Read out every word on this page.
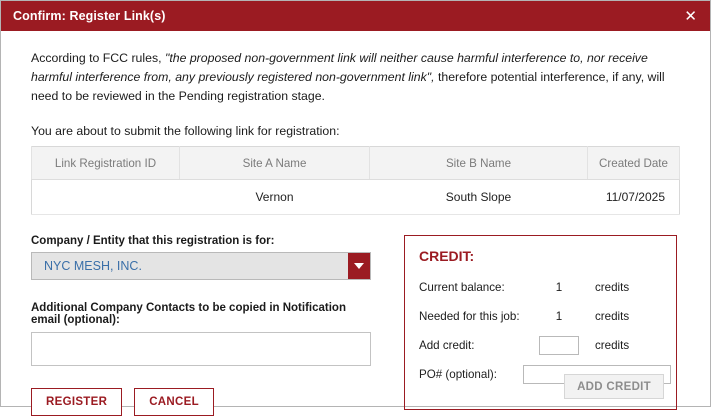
Confirm: Register Link(s)	✕

According to FCC rules, "the proposed non-government link will neither cause harmful interference to, nor receive harmful interference from, any previously registered non-government link", therefore potential interference, if any, will need to be reviewed in the Pending registration stage.

You are about to submit the following link for registration:
Link Registration ID	Site A Name	Site B Name	Created Date
	Vernon	South Slope	11/07/2025
Company / Entity that this registration is for:
NYC MESH, INC.
Additional Company Contacts to be copied in Notification email (optional):
REGISTER	CANCEL
CREDIT:
Current balance:	1	credits
Needed for this job:	1	credits
Add credit:	credits
PO# (optional):
ADD CREDIT
